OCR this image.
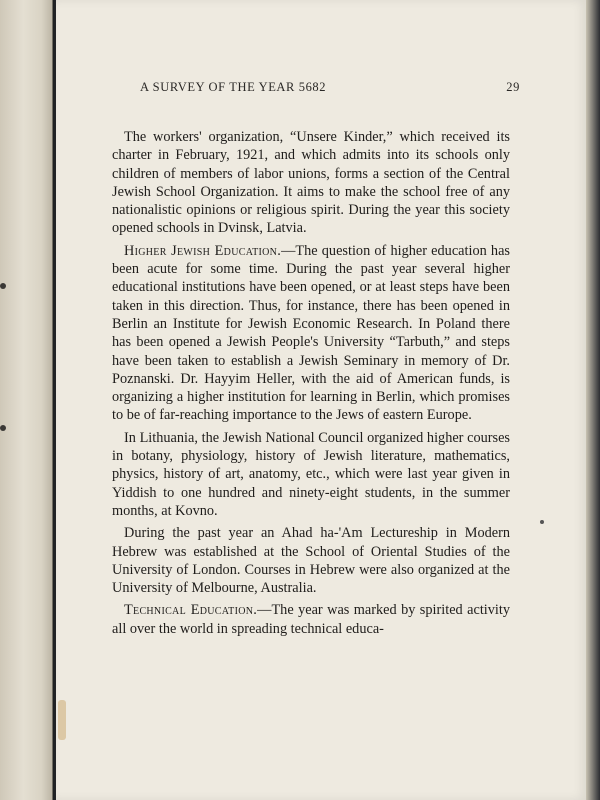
A SURVEY OF THE YEAR 5682	29

The workers' organization, “Unsere Kinder,” which received its charter in February, 1921, and which admits into its schools only children of members of labor unions, forms a section of the Central Jewish School Organization. It aims to make the school free of any nationalistic opinions or religious spirit. During the year this society opened schools in Dvinsk, Latvia.

Higher Jewish Education.—The question of higher education has been acute for some time. During the past year several higher educational institutions have been opened, or at least steps have been taken in this direction. Thus, for instance, there has been opened in Berlin an Institute for Jewish Economic Research. In Poland there has been opened a Jewish People's University “Tarbuth,” and steps have been taken to establish a Jewish Seminary in memory of Dr. Poznanski. Dr. Hayyim Heller, with the aid of American funds, is organizing a higher institution for learning in Berlin, which promises to be of far-reaching importance to the Jews of eastern Europe.

In Lithuania, the Jewish National Council organized higher courses in botany, physiology, history of Jewish literature, mathematics, physics, history of art, anatomy, etc., which were last year given in Yiddish to one hundred and ninety-eight students, in the summer months, at Kovno.

During the past year an Ahad ha-'Am Lectureship in Modern Hebrew was established at the School of Oriental Studies of the University of London. Courses in Hebrew were also organized at the University of Melbourne, Australia.

Technical Education.—The year was marked by spirited activity all over the world in spreading technical educa-
